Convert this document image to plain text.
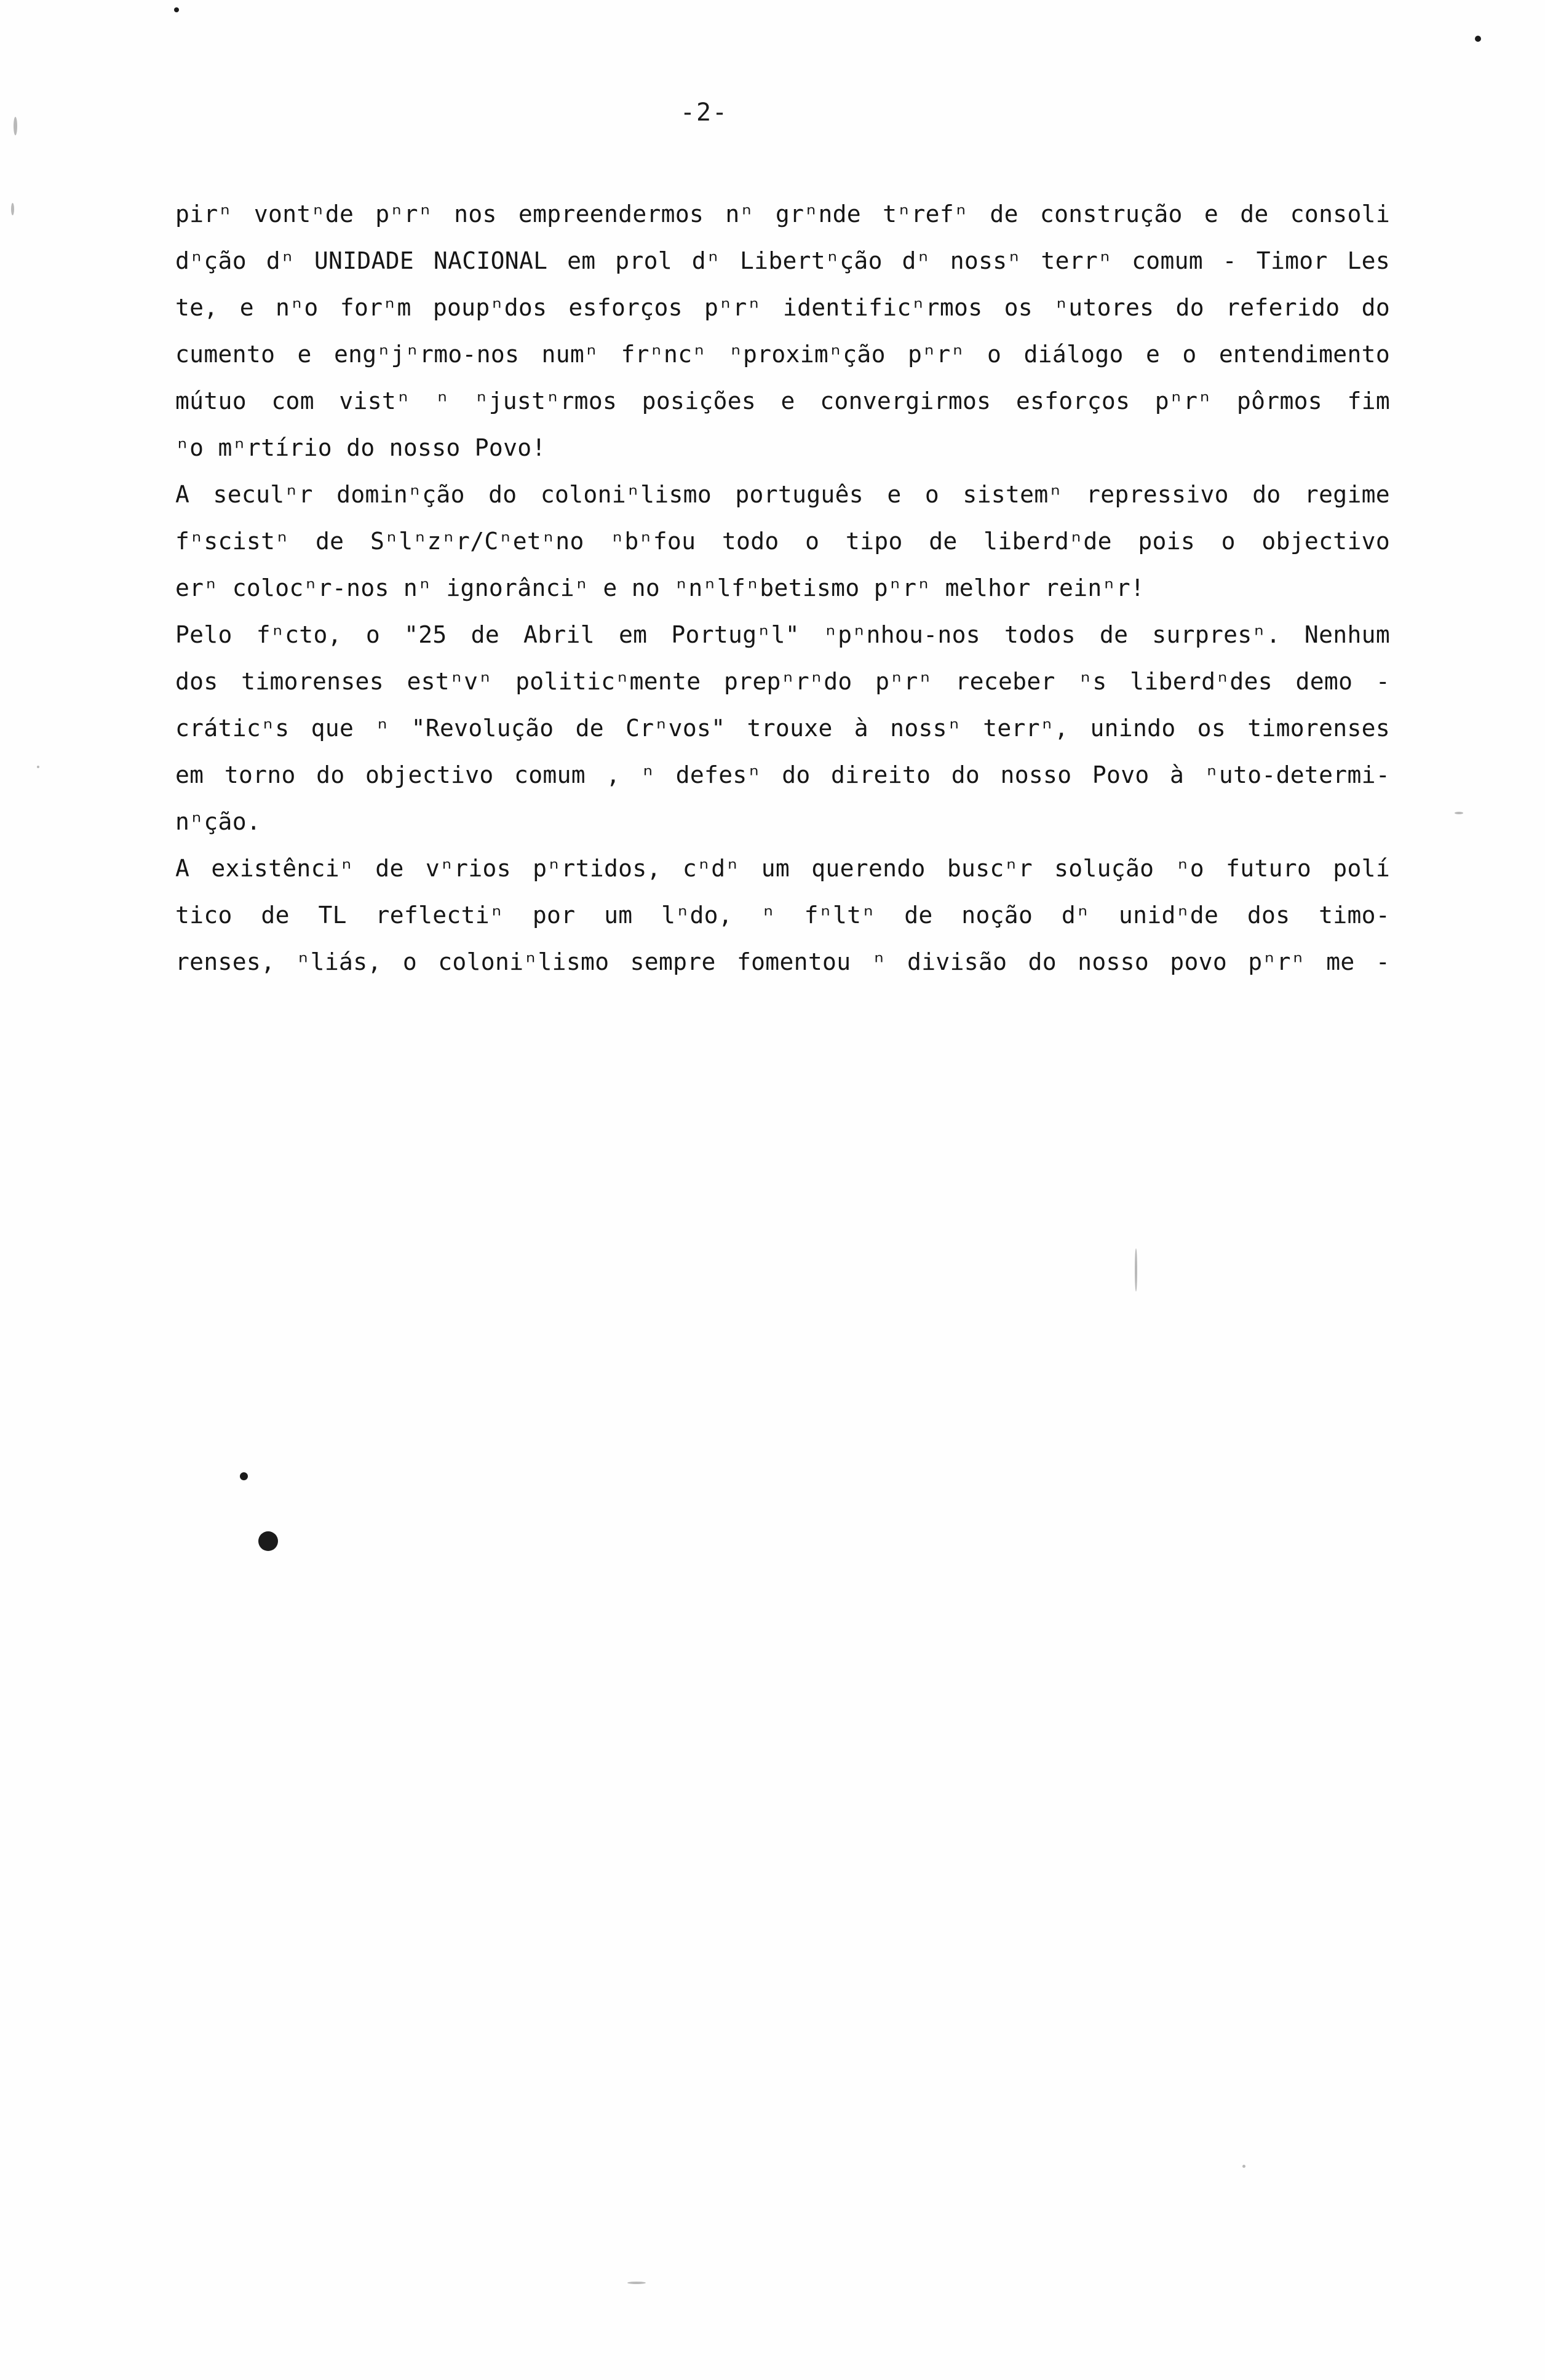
-2-
pirⁿ vontⁿde pⁿrⁿ nos empreendermos nⁿ grⁿnde tⁿrefⁿ de construção e de consoli
dⁿção dⁿ UNIDADE NACIONAL em prol dⁿ Libertⁿção dⁿ nossⁿ terrⁿ comum - Timor Les
te, e nⁿo forⁿm poupⁿdos esforços pⁿrⁿ identificⁿrmos os ⁿutores do referido do
cumento e engⁿjⁿrmo-nos numⁿ frⁿncⁿ ⁿproximⁿção pⁿrⁿ o diálogo e o entendimento
mútuo com vistⁿ ⁿ ⁿjustⁿrmos posições e convergirmos esforços pⁿrⁿ pôrmos fim
ⁿo mⁿrtírio do nosso Povo!
A seculⁿr dominⁿção do coloniⁿlismo português e o sistemⁿ repressivo do regime
fⁿscistⁿ de Sⁿlⁿzⁿr/Cⁿetⁿno ⁿbⁿfou todo o tipo de liberdⁿde pois o objectivo
erⁿ colocⁿr-nos nⁿ ignorânciⁿ e no ⁿnⁿlfⁿbetismo pⁿrⁿ melhor reinⁿr!
Pelo fⁿcto, o "25 de Abril em Portugⁿl" ⁿpⁿnhou-nos todos de surpresⁿ. Nenhum
dos timorenses estⁿvⁿ politicⁿmente prepⁿrⁿdo pⁿrⁿ receber ⁿs liberdⁿdes demo -
cráticⁿs que ⁿ "Revolução de Crⁿvos" trouxe à nossⁿ terrⁿ, unindo os timorenses
em torno do objectivo comum , ⁿ defesⁿ do direito do nosso Povo à ⁿuto-determi-
nⁿção.
A existênciⁿ de vⁿrios pⁿrtidos, cⁿdⁿ um querendo buscⁿr solução ⁿo futuro polí
tico de TL reflectiⁿ por um lⁿdo, ⁿ fⁿltⁿ de noção dⁿ unidⁿde dos timo-
renses, ⁿliás, o coloniⁿlismo sempre fomentou ⁿ divisão do nosso povo pⁿrⁿ me -
